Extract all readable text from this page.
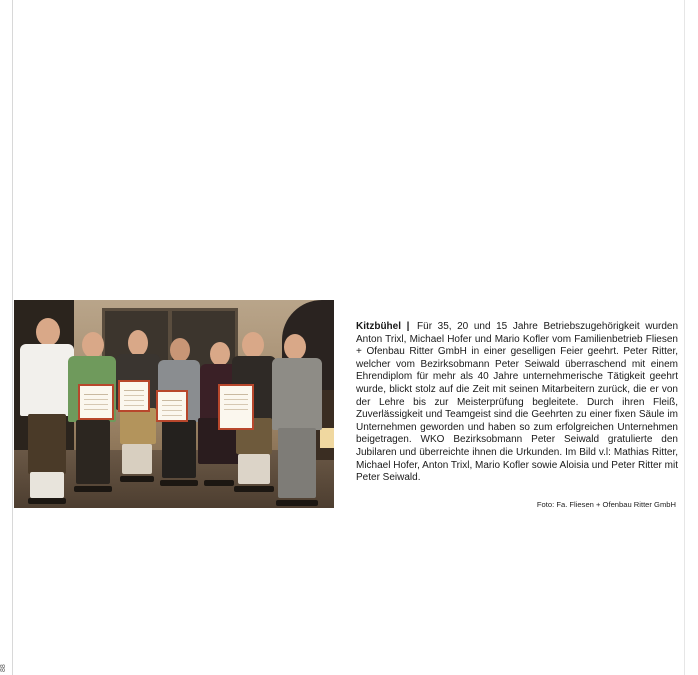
88
Kitzbühel | Für 35, 20 und 15 Jahre Betriebszugehörigkeit wurden Anton Trixl, Michael Hofer und Mario Kofler vom Familienbetrieb Fliesen + Ofenbau Ritter GmbH in einer geselligen Feier geehrt. Peter Ritter, welcher vom Bezirksobmann Peter Seiwald überraschend mit einem Ehrendiplom für mehr als 40 Jahre unternehmerische Tätigkeit geehrt wurde, blickt stolz auf die Zeit mit seinen Mitarbeitern zurück, die er von der Lehre bis zur Meisterprüfung begleitete. Durch ihren Fleiß, Zuverlässigkeit und Teamgeist sind die Geehrten zu einer fixen Säule im Unternehmen geworden und haben so zum erfolgreichen Unternehmen beigetragen. WKO Bezirksobmann Peter Seiwald gratulierte den Jubilaren und überreichte ihnen die Urkunden. Im Bild v.l: Mathias Ritter, Michael Hofer, Anton Trixl, Mario Kofler sowie Aloisia und Peter Ritter mit Peter Seiwald.
Foto: Fa. Fliesen + Ofenbau Ritter GmbH
